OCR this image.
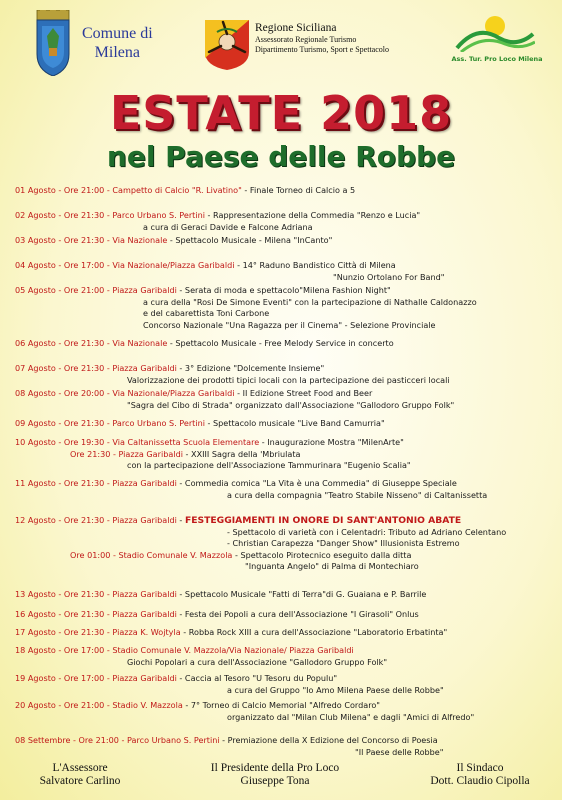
Comune di
Milena
Regione Siciliana
Assessorato Regionale Turismo
Dipartimento Turismo, Sport e Spettacolo
Ass. Tur. Pro Loco Milena
ESTATE 2018
nel Paese delle Robbe
01 Agosto - Ore 21:00 - Campetto di Calcio "R. Livatino" - Finale Torneo di Calcio a 5
02 Agosto - Ore 21:30 - Parco Urbano S. Pertini - Rappresentazione della Commedia "Renzo e Lucia"
a cura di Geraci Davide e Falcone Adriana
03 Agosto - Ore 21:30 - Via Nazionale - Spettacolo Musicale - Milena "InCanto"
04 Agosto - Ore 17:00 - Via Nazionale/Piazza Garibaldi - 14° Raduno Bandistico Città di Milena
"Nunzio Ortolano For Band"
05 Agosto - Ore 21:00 - Piazza Garibaldi - Serata di moda e spettacolo"Milena Fashion Night"
a cura della "Rosi De Simone Eventi" con la partecipazione di Nathalle Caldonazzo
e del cabarettista Toni Carbone
Concorso Nazionale "Una Ragazza per il Cinema" - Selezione Provinciale
06 Agosto - Ore 21:30 - Via Nazionale - Spettacolo Musicale - Free Melody Service in concerto
07 Agosto - Ore 21:30 - Piazza Garibaldi - 3° Edizione "Dolcemente Insieme"
Valorizzazione dei prodotti tipici locali con la partecipazione dei pasticceri locali
08 Agosto - Ore 20:00 - Via Nazionale/Piazza Garibaldi - II Edizione Street Food and Beer
"Sagra del Cibo di Strada" organizzato dall'Associazione "Gallodoro Gruppo Folk"
09 Agosto - Ore 21:30 - Parco Urbano S. Pertini - Spettacolo musicale "Live Band Camurria"
10 Agosto - Ore 19:30 - Via Caltanissetta Scuola Elementare - Inaugurazione Mostra "MilenArte"
Ore 21:30 - Piazza Garibaldi - XXIII Sagra della 'Mbriulata
con la partecipazione dell'Associazione Tammurinara "Eugenio Scalia"
11 Agosto - Ore 21:30 - Piazza Garibaldi - Commedia comica "La Vita è una Commedia" di Giuseppe Speciale
a cura della compagnia "Teatro Stabile Nisseno" di Caltanissetta
12 Agosto - Ore 21:30 - Piazza Garibaldi - FESTEGGIAMENTI IN ONORE DI SANT'ANTONIO ABATE
- Spettacolo di varietà con i Celentadri: Tributo ad Adriano Celentano
- Christian Carapezza "Danger Show" Illusionista Estremo
Ore 01:00 - Stadio Comunale V. Mazzola - Spettacolo Pirotecnico eseguito dalla ditta
"Inguanta Angelo" di Palma di Montechiaro
13 Agosto - Ore 21:30 - Piazza Garibaldi - Spettacolo Musicale "Fatti di Terra"di G. Guaiana e P. Barrile
16 Agosto - Ore 21:30 - Piazza Garibaldi - Festa dei Popoli a cura dell'Associazione "I Girasoli" Onlus
17 Agosto - Ore 21:30 - Piazza K. Wojtyla - Robba Rock XIII a cura dell'Associazione "Laboratorio Erbatinta"
18 Agosto - Ore 17:00 - Stadio Comunale V. Mazzola/Via Nazionale/ Piazza Garibaldi
Giochi Popolari a cura dell'Associazione "Gallodoro Gruppo Folk"
19 Agosto - Ore 17:00 - Piazza Garibaldi - Caccia al Tesoro "U Tesoru du Populu"
a cura del Gruppo "Io Amo Milena Paese delle Robbe"
20 Agosto - Ore 21:00 - Stadio V. Mazzola - 7° Torneo di Calcio Memorial "Alfredo Cordaro"
organizzato dal "Milan Club Milena" e dagli "Amici di Alfredo"
08 Settembre - Ore 21:00 - Parco Urbano S. Pertini - Premiazione della X Edizione del Concorso di Poesia
"Il Paese delle Robbe"
L'Assessore
Salvatore Carlino
Il Presidente della Pro Loco
Giuseppe Tona
Il Sindaco
Dott. Claudio Cipolla
